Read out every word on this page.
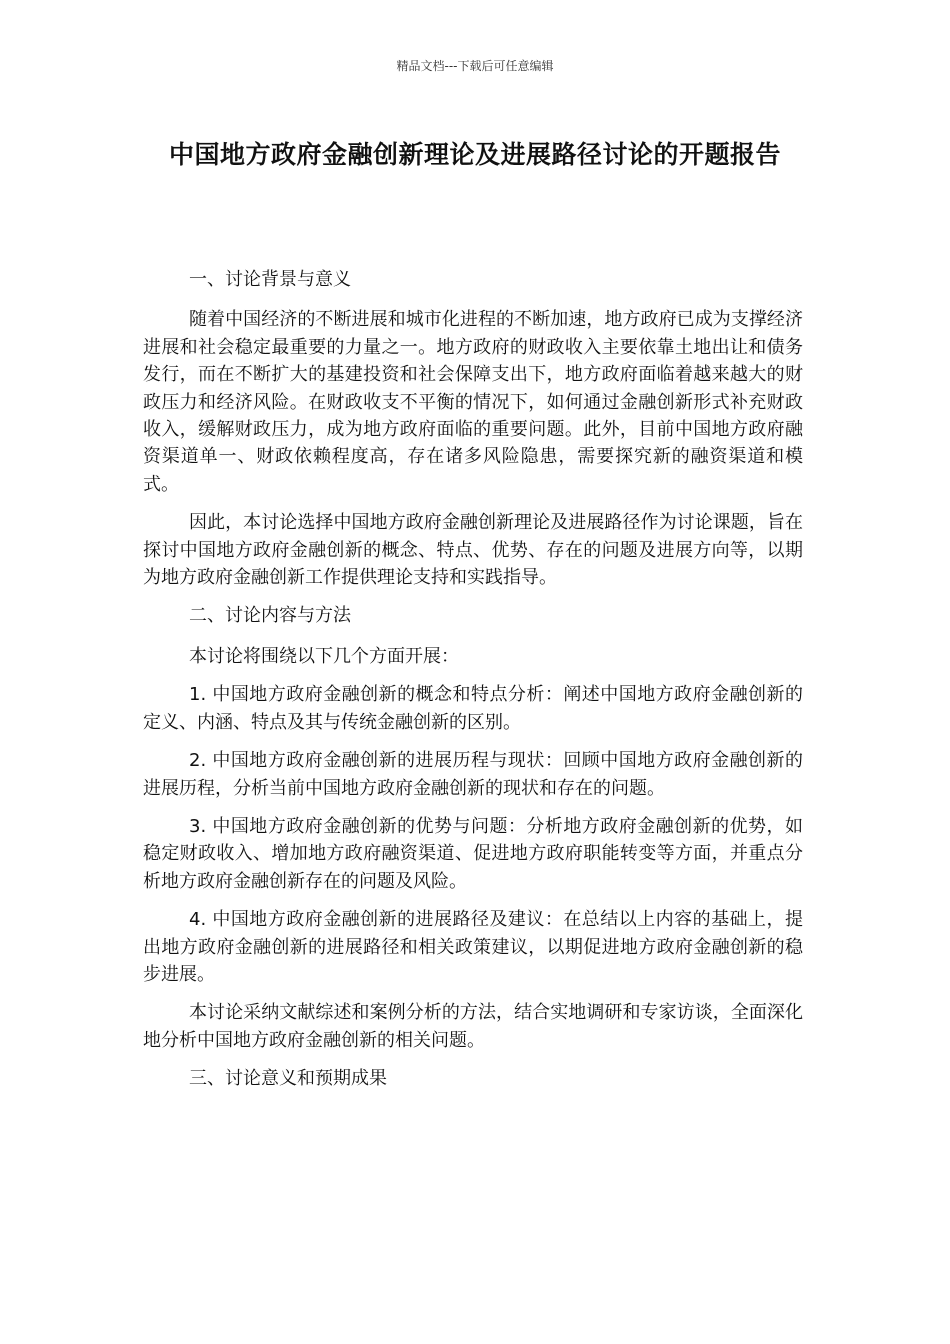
精品文档---下载后可任意编辑
中国地方政府金融创新理论及进展路径讨论的开题报告

一、讨论背景与意义

随着中国经济的不断进展和城市化进程的不断加速，地方政府已成为支撑经济进展和社会稳定最重要的力量之一。地方政府的财政收入主要依靠土地出让和债务发行，而在不断扩大的基建投资和社会保障支出下，地方政府面临着越来越大的财政压力和经济风险。在财政收支不平衡的情况下，如何通过金融创新形式补充财政收入，缓解财政压力，成为地方政府面临的重要问题。此外，目前中国地方政府融资渠道单一、财政依赖程度高，存在诸多风险隐患，需要探究新的融资渠道和模式。

因此，本讨论选择中国地方政府金融创新理论及进展路径作为讨论课题，旨在探讨中国地方政府金融创新的概念、特点、优势、存在的问题及进展方向等，以期为地方政府金融创新工作提供理论支持和实践指导。

二、讨论内容与方法

本讨论将围绕以下几个方面开展：

1. 中国地方政府金融创新的概念和特点分析：阐述中国地方政府金融创新的定义、内涵、特点及其与传统金融创新的区别。

2. 中国地方政府金融创新的进展历程与现状：回顾中国地方政府金融创新的进展历程，分析当前中国地方政府金融创新的现状和存在的问题。

3. 中国地方政府金融创新的优势与问题：分析地方政府金融创新的优势，如稳定财政收入、增加地方政府融资渠道、促进地方政府职能转变等方面，并重点分析地方政府金融创新存在的问题及风险。

4. 中国地方政府金融创新的进展路径及建议：在总结以上内容的基础上，提出地方政府金融创新的进展路径和相关政策建议，以期促进地方政府金融创新的稳步进展。

本讨论采纳文献综述和案例分析的方法，结合实地调研和专家访谈，全面深化地分析中国地方政府金融创新的相关问题。

三、讨论意义和预期成果
